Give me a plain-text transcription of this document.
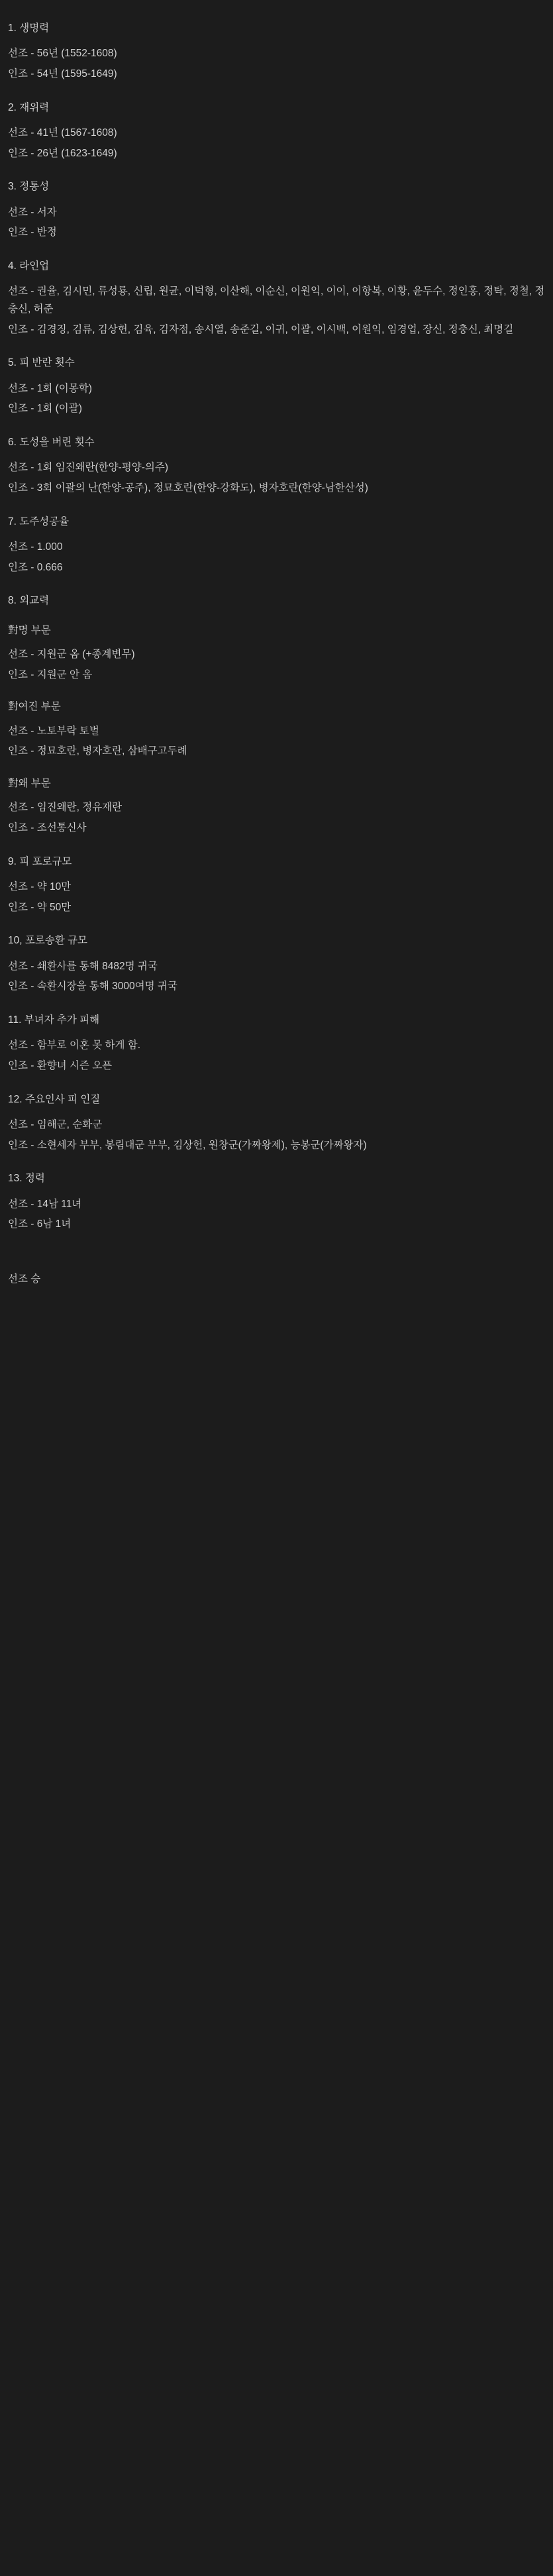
1. 생명력

선조 - 56년 (1552-1608)

인조 - 54년 (1595-1649)

2. 재위력

선조 - 41년 (1567-1608)

인조 - 26년 (1623-1649)

3. 정통성

선조 - 서자

인조 - 반정

4. 라인업

선조 - 권율, 김시민, 류성룡, 신립, 원균, 이덕형, 이산해, 이순신, 이원익, 이이, 이항복, 이황, 윤두수, 정인홍, 정탁, 정철, 정충신, 허준

인조 - 김경징, 김류, 김상헌, 김육, 김자점, 송시열, 송준길, 이귀, 이괄, 이시백, 이원익, 임경업, 장신, 정충신, 최명길

5. 피 반란 횟수

선조 - 1회 (이몽학)

인조 - 1회 (이괄)

6. 도성을 버린 횟수

선조 - 1회 임진왜란(한양-평양-의주)

인조 - 3회 이괄의 난(한양-공주), 정묘호란(한양-강화도), 병자호란(한양-남한산성)

7. 도주성공율

선조 - 1.000

인조 - 0.666

8. 외교력

對명 부문

선조 - 지원군 옴 (+종계변무)

인조 - 지원군 안 옴

對여진 부문

선조 - 노토부락 토벌

인조 - 정묘호란, 병자호란, 삼배구고두례

對왜 부문

선조 - 임진왜란, 정유재란

인조 - 조선통신사

9. 피 포로규모

선조 - 약 10만

인조 - 약 50만

10, 포로송환 규모

선조 - 쇄환사를 통해 8482명 귀국

인조 - 속환시장을 통해 3000여명 귀국

11. 부녀자 추가 피해

선조 - 함부로 이혼 못 하게 함.

인조 - 환향녀 시즌 오픈

12. 주요인사 피 인질

선조 - 임해군, 순화군

인조 - 소현세자 부부, 봉림대군 부부, 김상헌, 원창군(가짜왕제), 능봉군(가짜왕자)

13. 정력

선조 - 14남 11녀

인조 - 6남 1녀

선조 승
